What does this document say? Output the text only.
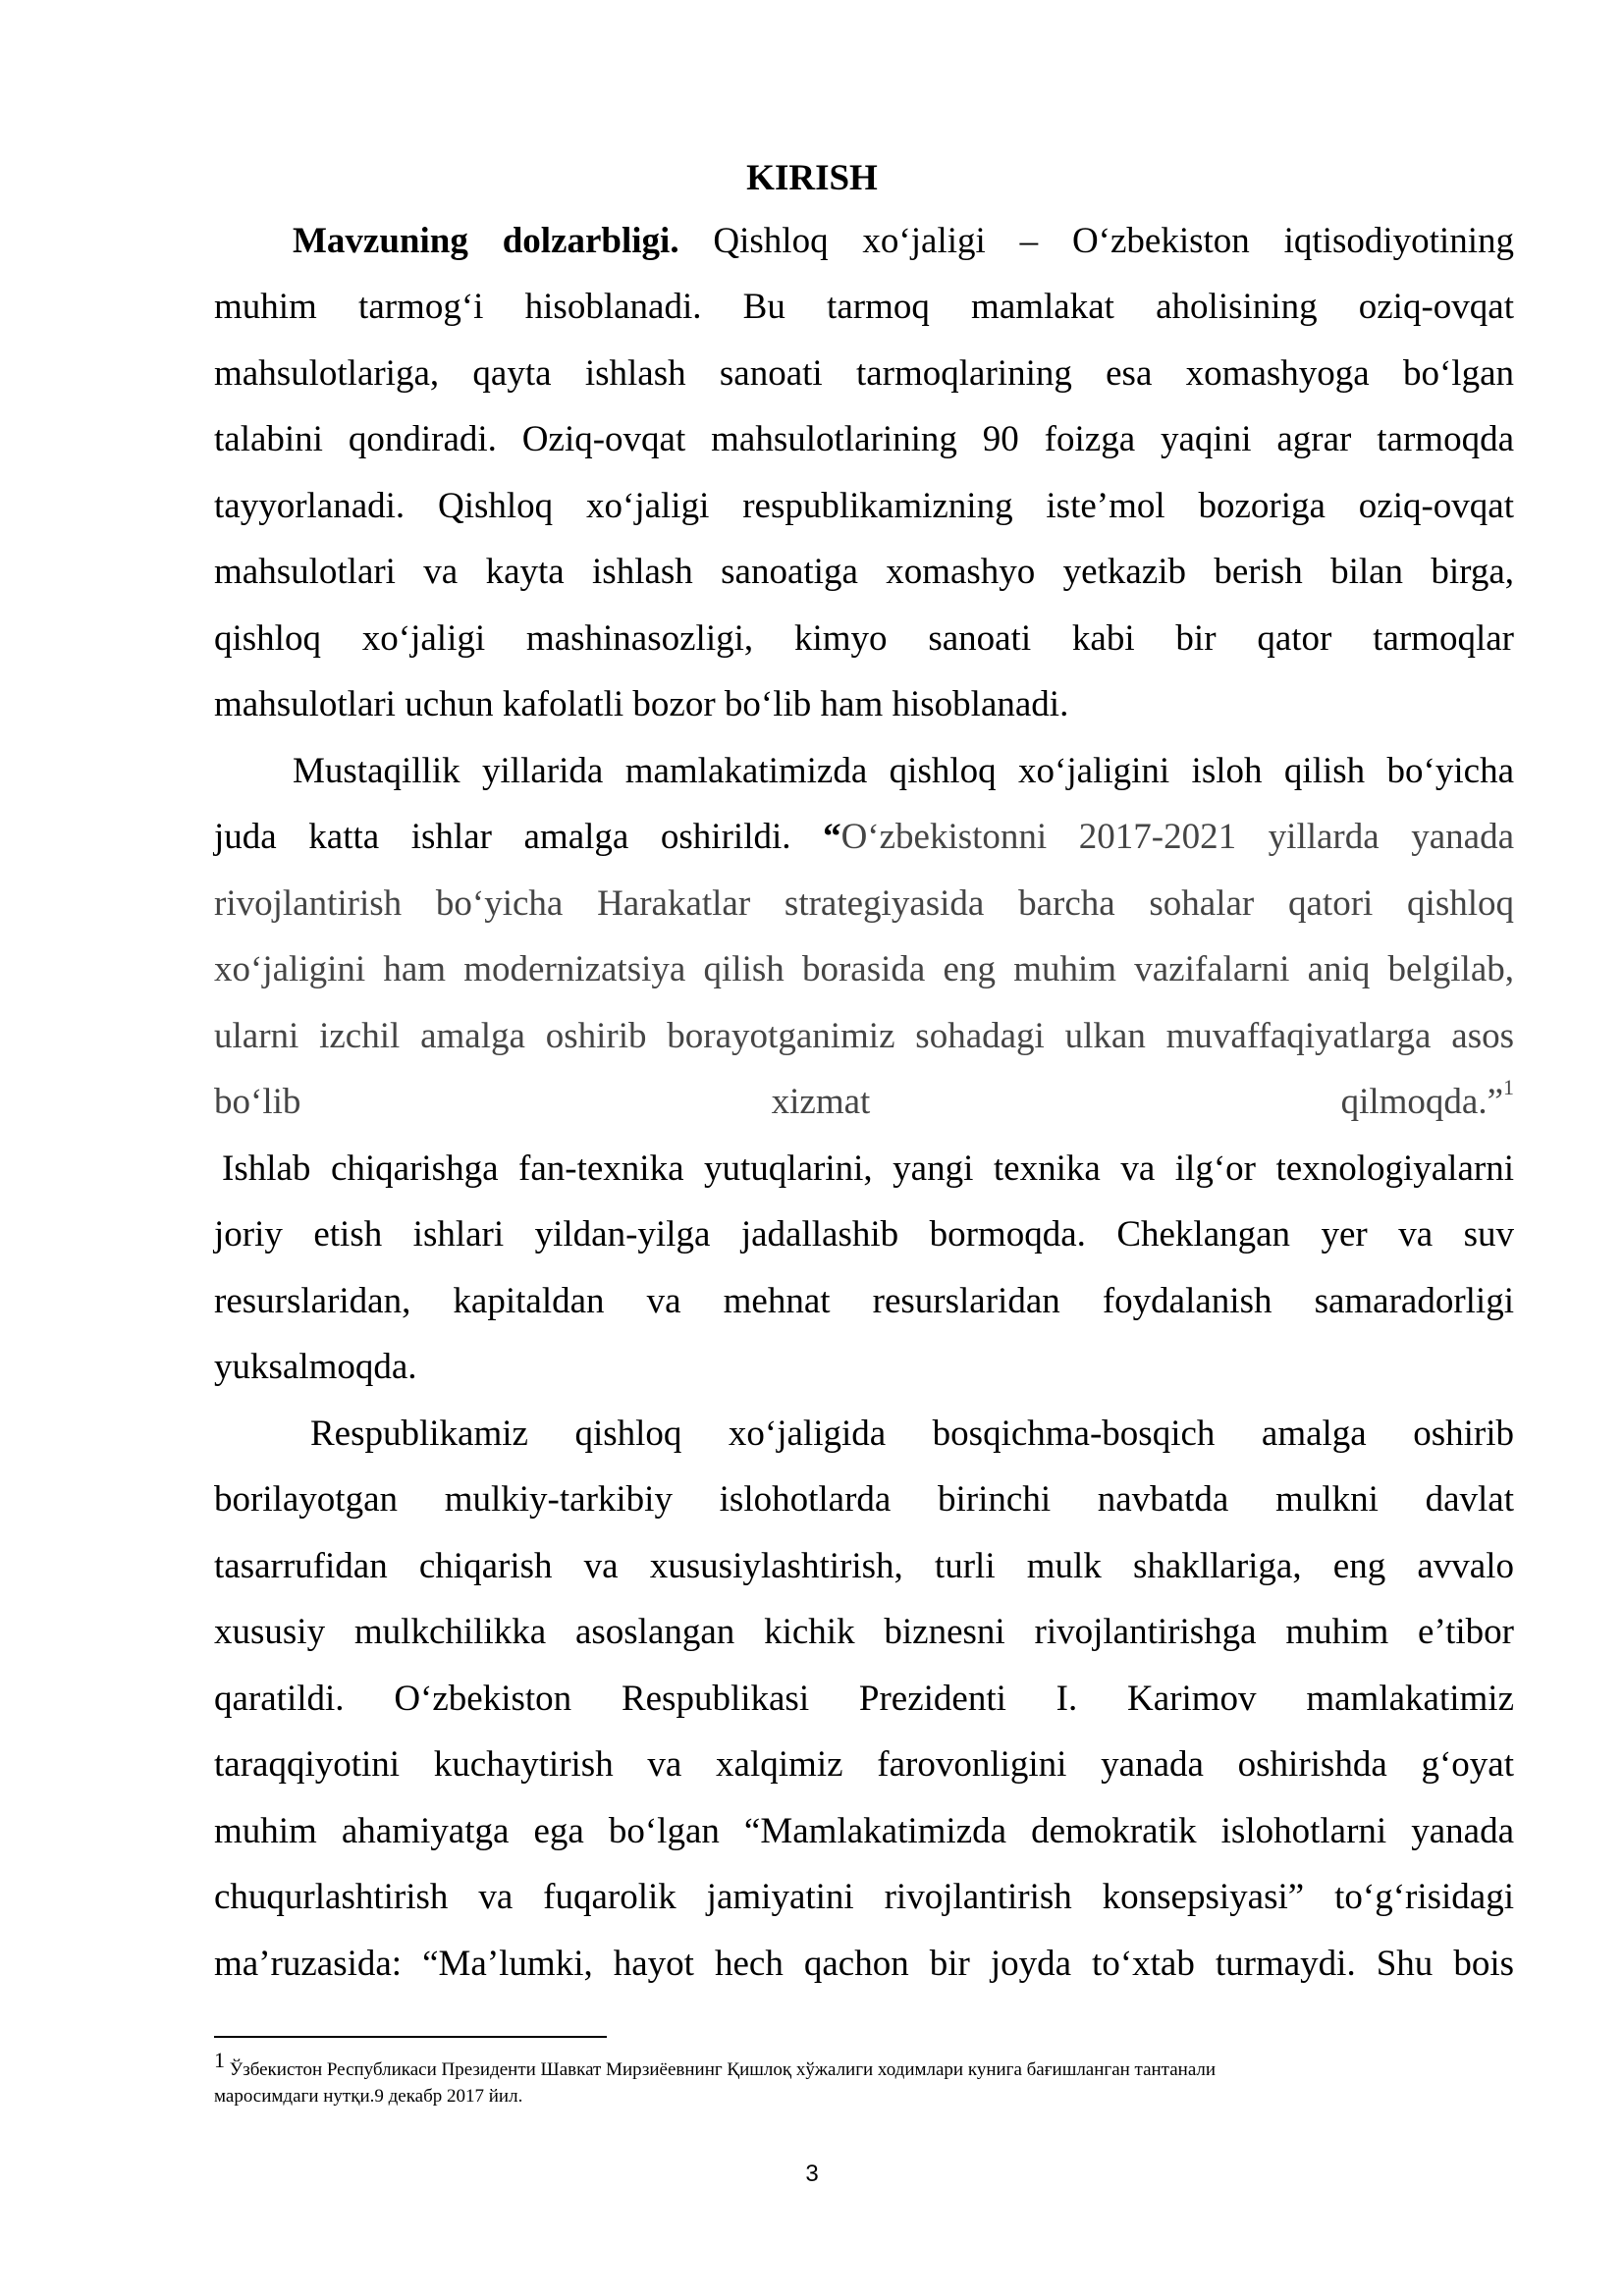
KIRISH
Mavzuning dolzarbligi. Qishloq xo‘jaligi – O‘zbekiston iqtisodiyotining
muhim tarmog‘i hisoblanadi. Bu tarmoq mamlakat aholisining oziq-ovqat
mahsulotlariga, qayta ishlash sanoati tarmoqlarining esa xomashyoga bo‘lgan
talabini qondiradi. Oziq-ovqat mahsulotlarining 90 foizga yaqini agrar tarmoqda
tayyorlanadi. Qishloq xo‘jaligi respublikamizning iste’mol bozoriga oziq-ovqat
mahsulotlari va kayta ishlash sanoatiga xomashyo yetkazib berish bilan birga,
qishloq xo‘jaligi mashinasozligi, kimyo sanoati kabi bir qator tarmoqlar
mahsulotlari uchun kafolatli bozor bo‘lib ham hisoblanadi.
Mustaqillik yillarida mamlakatimizda qishloq xo‘jaligini isloh qilish bo‘yicha
juda katta ishlar amalga oshirildi. “O‘zbekistonni 2017-2021 yillarda yanada
rivojlantirish bo‘yicha Harakatlar strategiyasida barcha sohalar qatori qishloq
xo‘jaligini ham modernizatsiya qilish borasida eng muhim vazifalarni aniq belgilab,
ularni izchil amalga oshirib borayotganimiz sohadagi ulkan muvaffaqiyatlarga asos
bo‘lib	xizmat	qilmoqda.”$^1$
Ishlab chiqarishga fan-texnika yutuqlarini, yangi texnika va ilg‘or texnologiyalarni
joriy etish ishlari yildan-yilga jadallashib bormoqda. Cheklangan yer va suv
resurslaridan, kapitaldan va mehnat resurslaridan foydalanish samaradorligi
yuksalmoqda.
Respublikamiz qishloq xo‘jaligida bosqichma-bosqich amalga oshirib
borilayotgan mulkiy-tarkibiy islohotlarda birinchi navbatda mulkni davlat
tasarrufidan chiqarish va xususiylashtirish, turli mulk shakllariga, eng avvalo
xususiy mulkchilikka asoslangan kichik biznesni rivojlantirishga muhim e’tibor
qaratildi. O‘zbekiston Respublikasi Prezidenti I. Karimov mamlakatimiz
taraqqiyotini kuchaytirish va xalqimiz farovonligini yanada oshirishda g‘oyat
muhim ahamiyatga ega bo‘lgan “Mamlakatimizda demokratik islohotlarni yanada
chuqurlashtirish va fuqarolik jamiyatini rivojlantirish konsepsiyasi” to‘g‘risidagi
ma’ruzasida: “Ma’lumki, hayot hech qachon bir joyda to‘xtab turmaydi. Shu bois
1 Ўзбекистон Республикаси Президенти Шавкат Мирзиёевнинг Қишлоқ хўжалиги ходимлари кунига бағишланган тантанали
маросимдаги нутқи.9 декабр 2017 йил.
3
